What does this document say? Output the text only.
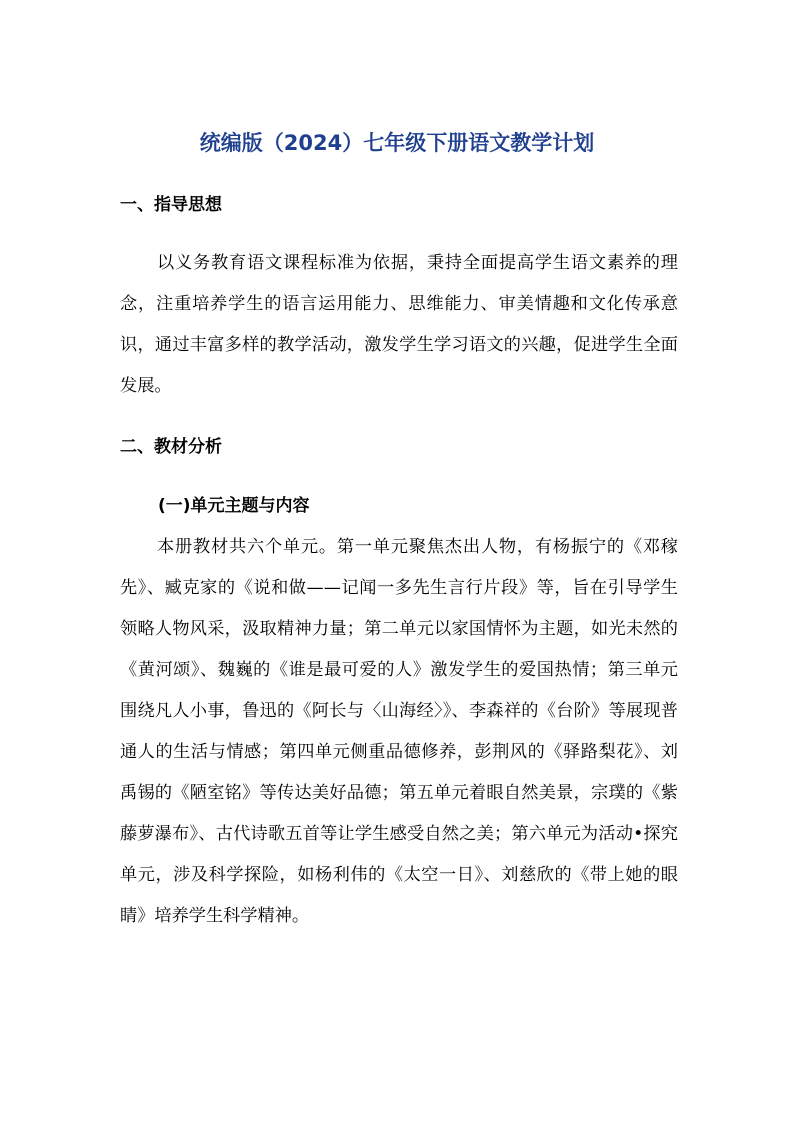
统编版（2024）七年级下册语文教学计划
一、指导思想
以义务教育语文课程标准为依据，秉持全面提高学生语文素养的理念，注重培养学生的语言运用能力、思维能力、审美情趣和文化传承意识，通过丰富多样的教学活动，激发学生学习语文的兴趣，促进学生全面发展。
二、教材分析
(一)单元主题与内容
本册教材共六个单元。第一单元聚焦杰出人物，有杨振宁的《邓稼先》、臧克家的《说和做——记闻一多先生言行片段》等，旨在引导学生领略人物风采，汲取精神力量；第二单元以家国情怀为主题，如光未然的《黄河颂》、魏巍的《谁是最可爱的人》激发学生的爱国热情；第三单元围绕凡人小事，鲁迅的《阿长与〈山海经〉》、李森祥的《台阶》等展现普通人的生活与情感；第四单元侧重品德修养，彭荆风的《驿路梨花》、刘禹锡的《陋室铭》等传达美好品德；第五单元着眼自然美景，宗璞的《紫藤萝瀑布》、古代诗歌五首等让学生感受自然之美；第六单元为活动•探究单元，涉及科学探险，如杨利伟的《太空一日》、刘慈欣的《带上她的眼睛》培养学生科学精神。
